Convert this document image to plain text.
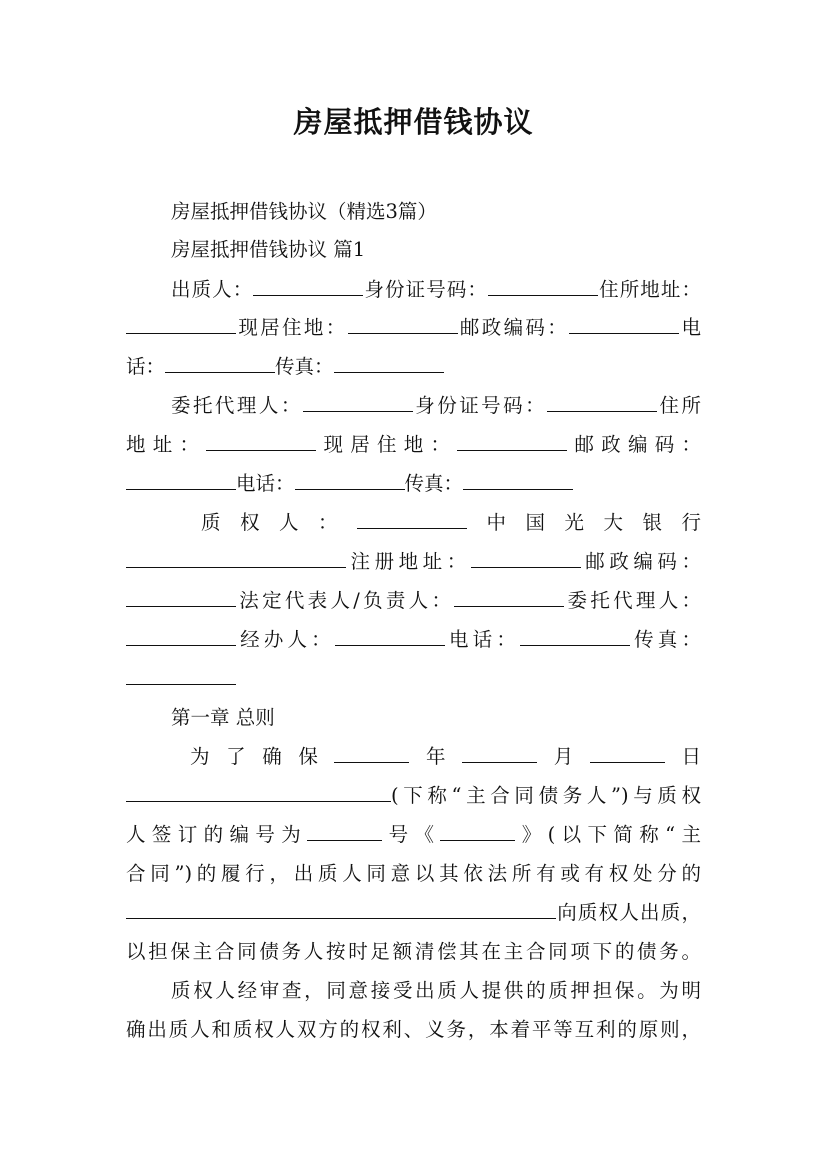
房屋抵押借钱协议
房屋抵押借钱协议（精选3篇）
房屋抵押借钱协议 篇1
出质人：	身份证号码：	住所地址：
现居住地：	邮政编码：	电
话：	传真：
委托代理人：	身份证号码：	住所
地址：	现居住地：	邮政编码：
电话：	传真：
质权人：	中国光大银行
注册地址：	邮政编码：
法定代表人/负责人：	委托代理人：
经办人：	电话：	传真：
第一章 总则
为了确保	年	月	日
(下称“主合同债务人”)与质权
人签订的编号为	号《	》(以下简称“主
合同”)的履行，出质人同意以其依法所有或有权处分的
向质权人出质，
以担保主合同债务人按时足额清偿其在主合同项下的债务。
质权人经审查，同意接受出质人提供的质押担保。为明
确出质人和质权人双方的权利、义务，本着平等互利的原则，
